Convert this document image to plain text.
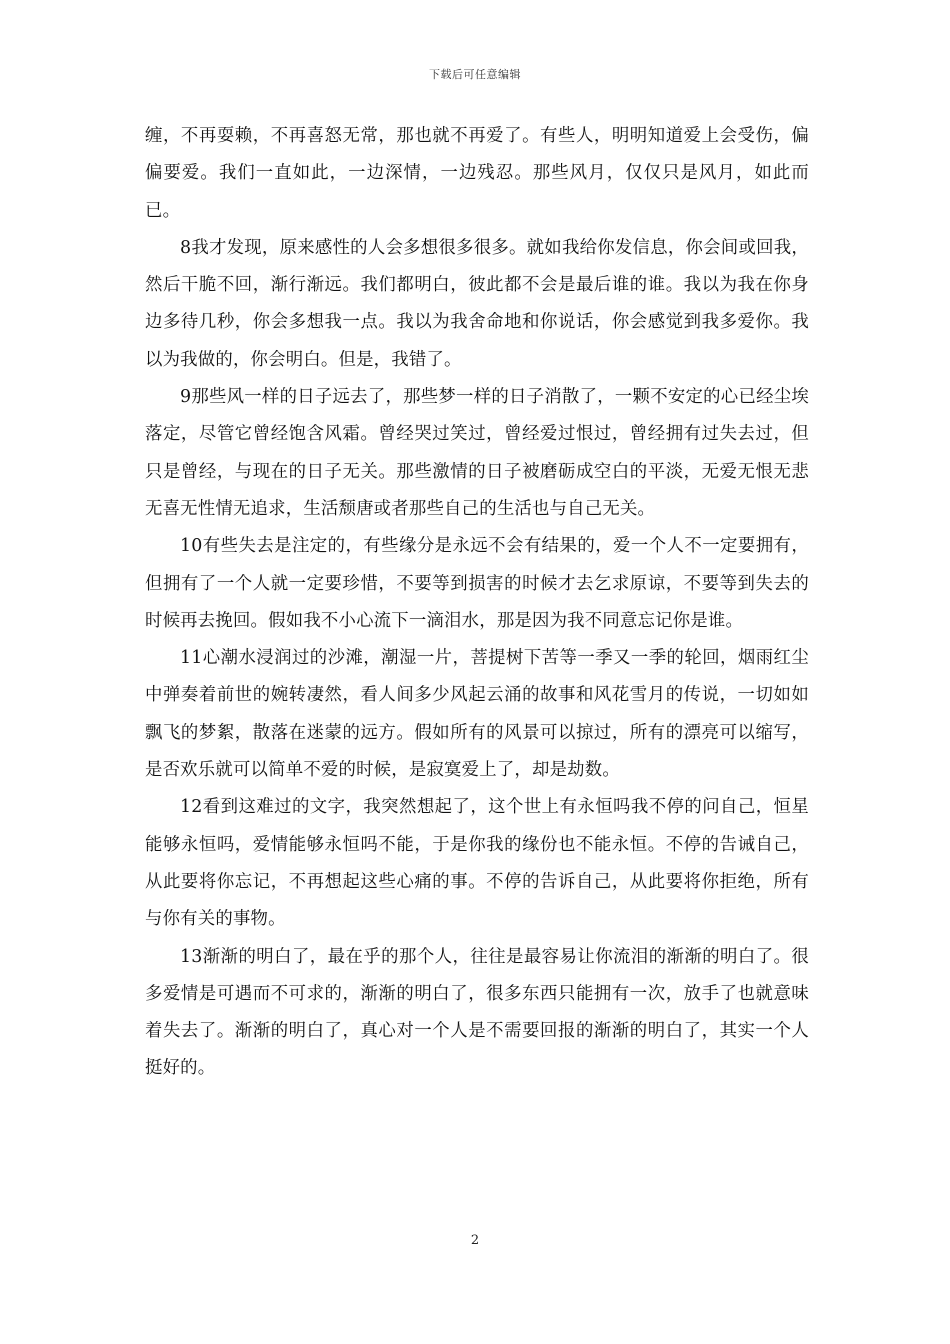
下载后可任意编辑

缠，不再耍赖，不再喜怒无常，那也就不再爱了。有些人，明明知道爱上会受伤，偏偏要爱。我们一直如此，一边深情，一边残忍。那些风月，仅仅只是风月，如此而已。

8我才发现，原来感性的人会多想很多很多。就如我给你发信息，你会间或回我，然后干脆不回，渐行渐远。我们都明白，彼此都不会是最后谁的谁。我以为我在你身边多待几秒，你会多想我一点。我以为我舍命地和你说话，你会感觉到我多爱你。我以为我做的，你会明白。但是，我错了。

9那些风一样的日子远去了，那些梦一样的日子消散了，一颗不安定的心已经尘埃落定，尽管它曾经饱含风霜。曾经哭过笑过，曾经爱过恨过，曾经拥有过失去过，但只是曾经，与现在的日子无关。那些激情的日子被磨砺成空白的平淡，无爱无恨无悲无喜无性情无追求，生活颓唐或者那些自己的生活也与自己无关。

10有些失去是注定的，有些缘分是永远不会有结果的，爱一个人不一定要拥有，但拥有了一个人就一定要珍惜，不要等到损害的时候才去乞求原谅，不要等到失去的时候再去挽回。假如我不小心流下一滴泪水，那是因为我不同意忘记你是谁。

11心潮水浸润过的沙滩，潮湿一片，菩提树下苦等一季又一季的轮回，烟雨红尘中弹奏着前世的婉转凄然，看人间多少风起云涌的故事和风花雪月的传说，一切如如飘飞的梦絮，散落在迷蒙的远方。假如所有的风景可以掠过，所有的漂亮可以缩写，是否欢乐就可以简单不爱的时候，是寂寞爱上了，却是劫数。

12看到这难过的文字，我突然想起了，这个世上有永恒吗我不停的问自己，恒星能够永恒吗，爱情能够永恒吗不能，于是你我的缘份也不能永恒。不停的告诫自己，从此要将你忘记，不再想起这些心痛的事。不停的告诉自己，从此要将你拒绝，所有与你有关的事物。

13渐渐的明白了，最在乎的那个人，往往是最容易让你流泪的渐渐的明白了。很多爱情是可遇而不可求的，渐渐的明白了，很多东西只能拥有一次，放手了也就意味着失去了。渐渐的明白了，真心对一个人是不需要回报的渐渐的明白了，其实一个人挺好的。

2
